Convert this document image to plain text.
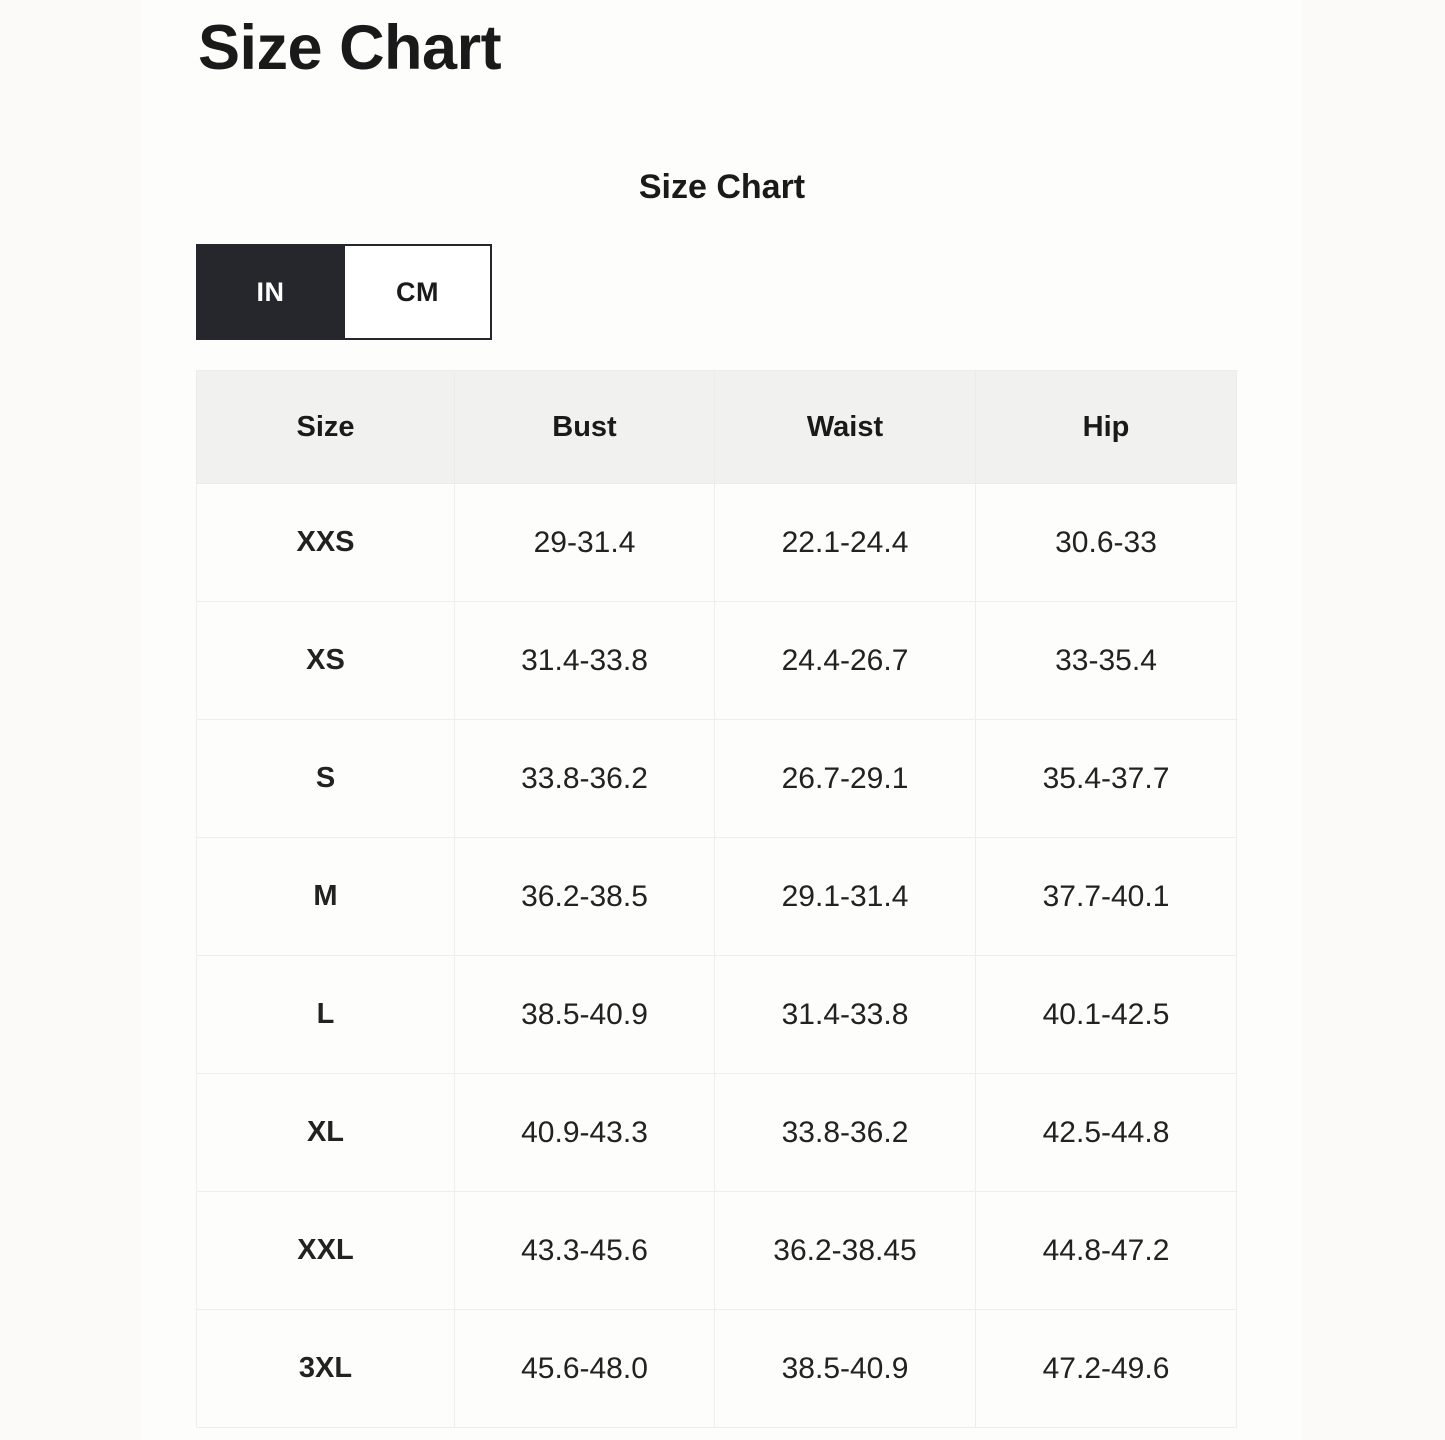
Size Chart
Size Chart
IN	CM
Size	Bust	Waist	Hip
XXS	29-31.4	22.1-24.4	30.6-33
XS	31.4-33.8	24.4-26.7	33-35.4
S	33.8-36.2	26.7-29.1	35.4-37.7
M	36.2-38.5	29.1-31.4	37.7-40.1
L	38.5-40.9	31.4-33.8	40.1-42.5
XL	40.9-43.3	33.8-36.2	42.5-44.8
XXL	43.3-45.6	36.2-38.45	44.8-47.2
3XL	45.6-48.0	38.5-40.9	47.2-49.6
